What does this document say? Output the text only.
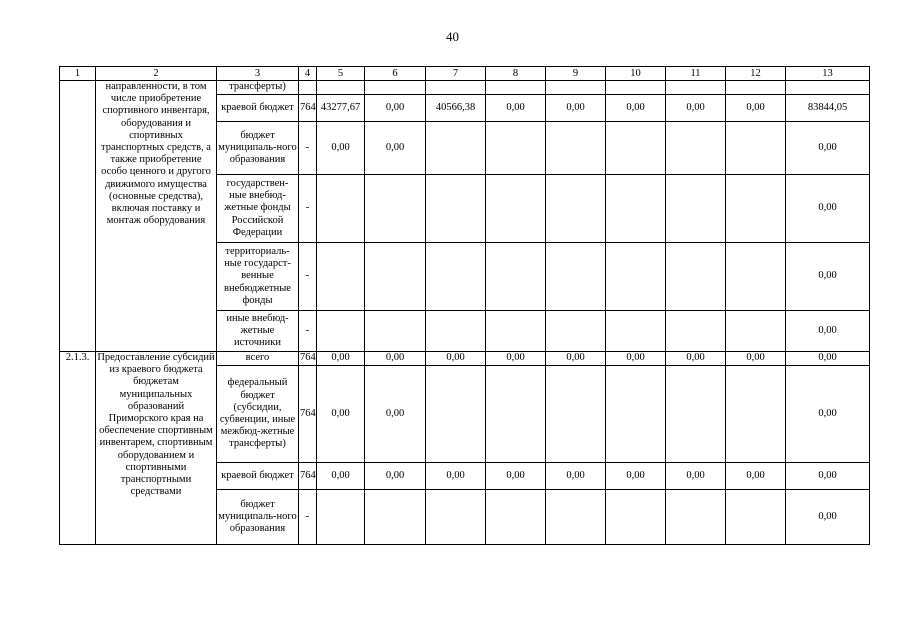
40
1	2	3	4	5	6	7	8	9	10	11	12	13
	направленности, в том числе приобретение спортивного инвентаря, оборудования и спортивных транспортных средств, а также приобретение особо ценного и другого движимого имущества (основные средства), включая поставку и монтаж оборудования	трансферты)										
		краевой бюджет	764	43277,67	0,00	40566,38	0,00	0,00	0,00	0,00	0,00	83844,05
		бюджет муниципаль-ного образования	-	0,00	0,00							0,00
		государствен-ные внебюд-жетные фонды Российской Федерации	-									0,00
		территориаль-ные государст-венные внебюджетные фонды	-									0,00
		иные внебюд-жетные источники	-									0,00
2.1.3.	Предоставление субсидий из краевого бюджета бюджетам муниципальных образований Приморского края на обеспечение спортивным инвентарем, спортивным оборудованием и спортивными транспортными средствами	всего	764	0,00	0,00	0,00	0,00	0,00	0,00	0,00	0,00	0,00
		федеральный бюджет (субсидии, субвенции, иные межбюд-жетные трансферты)	764	0,00	0,00							0,00
		краевой бюджет	764	0,00	0,00	0,00	0,00	0,00	0,00	0,00	0,00	0,00
		бюджет муниципаль-ного образования	-									0,00
